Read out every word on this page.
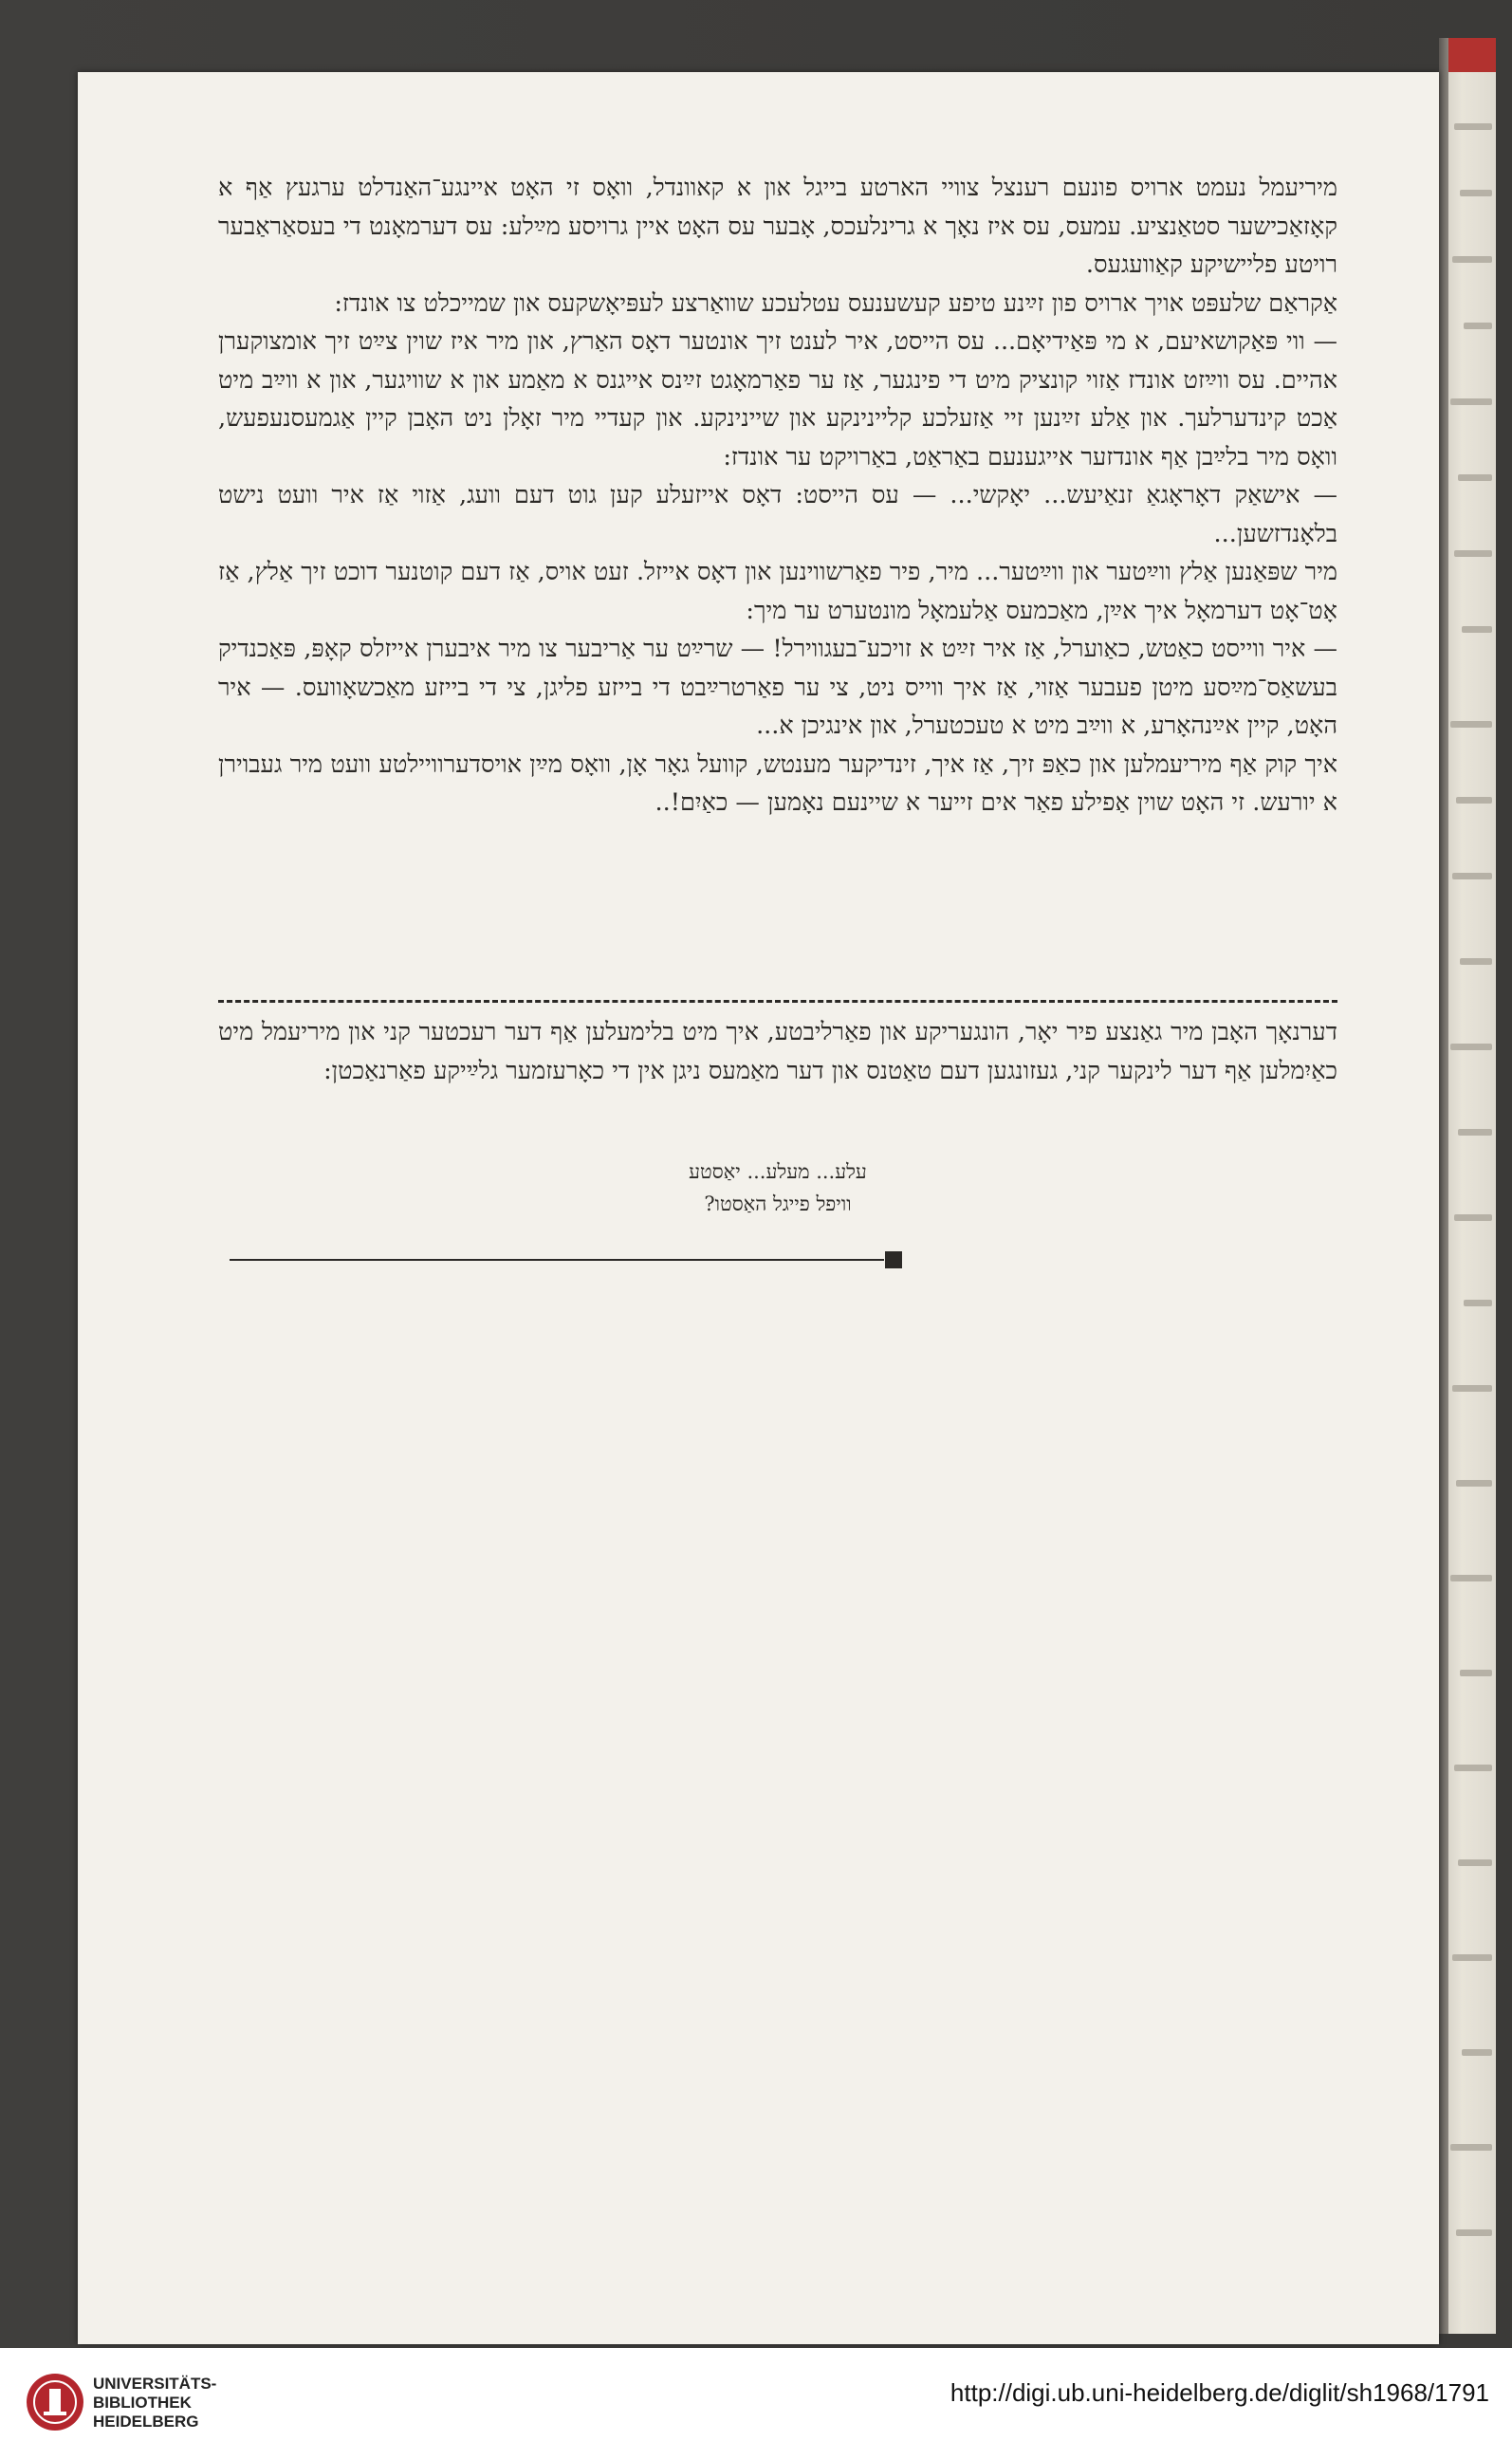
מיריעמל נעמט ארויס פונעם רענצל צוויי הארטע בייגל און א קאוונדל, וואָס זי האָט איינגע־האַנדלט ערגעץ אַף א קאָזאַכישער סטאַנציע. עמעס, עס איז נאָך א גרינלעכס, אָבער עס האָט איין גרויסע מײַלע: עס דערמאָנט די בעסאַראַבער רויטע פליישיקע קאַוועגעס.

אַקראַם שלעפּט אויך ארויס פון זײַנע טיפע קעשענעס עטלעכע שוואַרצע לעפּיאָשקעס און שמייכלט צו אונדז:

— ווי פּאַקושאיעם, א מי פּאַידיאָם... עס הייסט, איר לענט זיך אונטער דאָס האַרץ, און מיר איז שוין צײַט זיך אומצוקערן אהיים. עס ווײַזט אונדז אַזוי קונציק מיט די פינגער, אַז ער פאַרמאָגט זײַנס אייגנס א מאַמע און א שוויגער, און א ווײַב מיט אַכט קינדערלעך. און אַלע זײַנען זיי אַזעלכע קליינינקע און שיינינקע. און קעדיי מיר זאָלן ניט האָבן קיין אַגמעסנעפעש, וואָס מיר בלײַבן אַף אונדזער אייגענעם באַראַט, באַרויקט ער אונדז:

— אישאַק דאָראָגאַ זנאַיעש... יאָקשי... — עס הייסט: דאָס אייזעלע קען גוט דעם וועג, אַזוי אַז איר וועט נישט בלאָנדזשען...

מיר שפּאַנען אַלץ ווײַטער און ווײַטער... מיר, פיר פאַרשווינען און דאָס אייזל. זעט אויס, אַז דעם קוטנער דוכט זיך אַלץ, אַז אָט־אָט דערמאָל איך אײַן, מאַכמעס אַלעמאָל מונטערט ער מיך:

— איר ווייסט כאַטש, כאַוערל, אַז איר זײַט א זויכע־בעגווירל! — שרײַט ער אַריבער צו מיר איבערן אייזלס קאָפּ, פּאַכנדיק בעשאַס־מײַסע מיטן פעבער אַזוי, אַז איך ווייס ניט, צי ער פאַרטרײַבט די בייזע פליגן, צי די בייזע מאַכשאָוועס. — איר האָט, קיין אײַנהאָרע, א ווײַב מיט א טעכטערל, און אינגיכן א...

איך קוק אַף מיריעמלען און כאַפּ זיך, אַז איך, זינדיקער מענטש, קוועל גאָר אָן, וואָס מײַן אויסדערוויילטע וועט מיר געבוירן א יורעש. זי האָט שוין אַפילע פאַר אים זייער א שיינעם נאָמען — כאַיִם!..

דערנאָך האָבן מיר גאַנצע פיר יאָר, הונגעריקע און פאַרליבטע, איך מיט בלימעלען אַף דער רעכטער קני און מיריעמל מיט כאַיִמלען אַף דער לינקער קני, געזונגען דעם טאַטנס און דער מאַמעס ניגן אין די כאָרעזמער גלײַיקע פאַרנאַכטן:
עלע... מעלע... יאַסטע
וויפל פייגל האַסטו?
UNIVERSITÄTS-
BIBLIOTHEK
HEIDELBERG
http://digi.ub.uni-heidelberg.de/diglit/sh1968/1791
